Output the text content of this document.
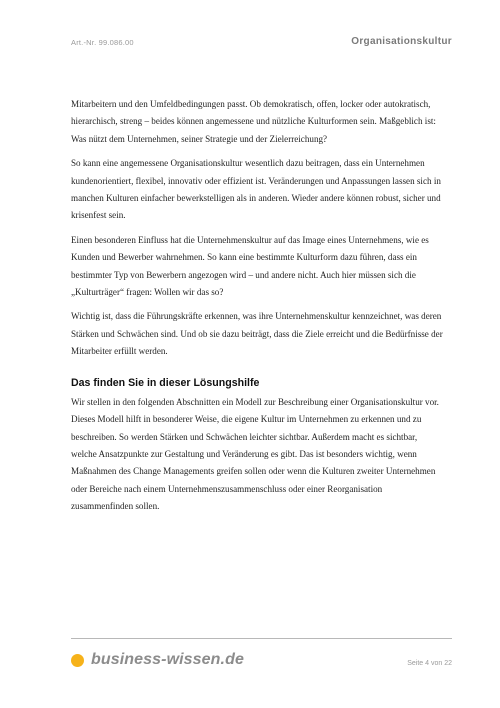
Art.-Nr. 99.086.00	Organisationskultur

Mitarbeitern und den Umfeldbedingungen passt. Ob demokratisch, offen, locker oder autokratisch, hierarchisch, streng – beides können angemessene und nützliche Kulturformen sein. Maßgeblich ist: Was nützt dem Unternehmen, seiner Strategie und der Zielerreichung?

So kann eine angemessene Organisationskultur wesentlich dazu beitragen, dass ein Unternehmen kundenorientiert, flexibel, innovativ oder effizient ist. Veränderungen und Anpassungen lassen sich in manchen Kulturen einfacher bewerkstelligen als in anderen. Wieder andere können robust, sicher und krisenfest sein.

Einen besonderen Einfluss hat die Unternehmenskultur auf das Image eines Unternehmens, wie es Kunden und Bewerber wahrnehmen. So kann eine bestimmte Kulturform dazu führen, dass ein bestimmter Typ von Bewerbern angezogen wird – und andere nicht. Auch hier müssen sich die „Kulturträger“ fragen: Wollen wir das so?

Wichtig ist, dass die Führungskräfte erkennen, was ihre Unternehmenskultur kennzeichnet, was deren Stärken und Schwächen sind. Und ob sie dazu beiträgt, dass die Ziele erreicht und die Bedürfnisse der Mitarbeiter erfüllt werden.

Das finden Sie in dieser Lösungshilfe

Wir stellen in den folgenden Abschnitten ein Modell zur Beschreibung einer Organisationskultur vor. Dieses Modell hilft in besonderer Weise, die eigene Kultur im Unternehmen zu erkennen und zu beschreiben. So werden Stärken und Schwächen leichter sichtbar. Außerdem macht es sichtbar, welche Ansatzpunkte zur Gestaltung und Veränderung es gibt. Das ist besonders wichtig, wenn Maßnahmen des Change Managements greifen sollen oder wenn die Kulturen zweiter Unternehmen oder Bereiche nach einem Unternehmenszusammenschluss oder einer Reorganisation zusammenfinden sollen.

business-wissen.de	Seite 4 von 22
